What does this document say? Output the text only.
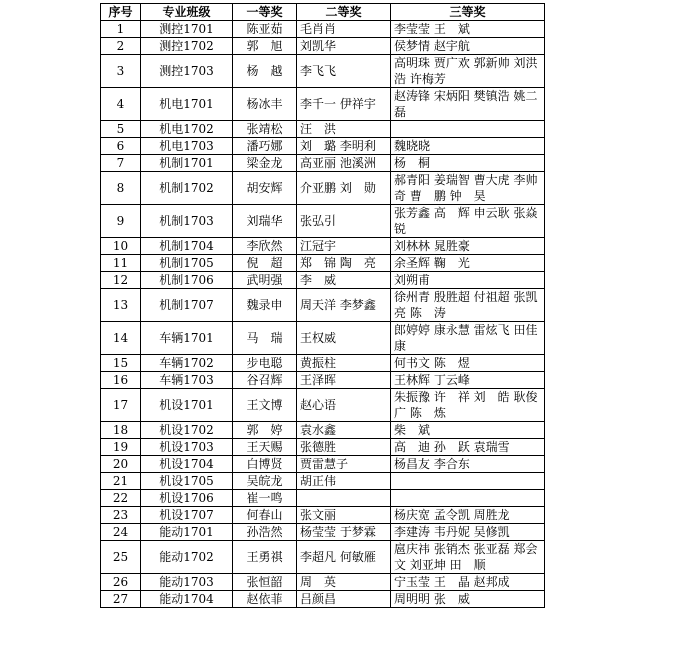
序号	专业班级	一等奖	二等奖	三等奖
1	测控1701	陈亚茹	毛肖肖	李莹莹 王　斌
2	测控1702	郭　旭	刘凯华	侯梦情 赵宇航
3	测控1703	杨　越	李飞飞	高明珠 贾广欢 郭新帅 刘洪浩 许梅芳
4	机电1701	杨冰丰	李千一 伊祥宇	赵涛锋 宋炳阳 樊镇浩 姚二磊
5	机电1702	张靖松	汪　洪	
6	机电1703	潘巧娜	刘　璐 李明利	魏晓晓
7	机制1701	梁金龙	高亚丽 池溪洲	杨　桐
8	机制1702	胡安辉	介亚鹏 刘　勋	郝青阳 姜瑞智 曹大虎 李帅奇 曹　鹏 钟　昊
9	机制1703	刘瑞华	张弘引	张芳鑫 高　辉 申云耿 张焱锐
10	机制1704	李欣然	江冠宇	刘林林 晁胜豪
11	机制1705	倪　超	郑　锦 陶　亮	余圣辉 鞠　光
12	机制1706	武明强	李　威	刘朔甫
13	机制1707	魏录申	周天洋 李梦鑫	徐州青 殷胜超 付祖超 张凯亮 陈　涛
14	车辆1701	马　瑞	王权威	郎婷婷 康永慧 雷炫飞 田佳康
15	车辆1702	步电聪	黄振柱	何书文 陈　煜
16	车辆1703	谷召辉	王泽晖	王林辉 丁云峰
17	机设1701	王文博	赵心语	朱振豫 许　祥 刘　皓 耿俊广 陈　炼
18	机设1702	郭　婷	袁水鑫	柴　斌
19	机设1703	王天赐	张德胜	高　迪 孙　跃 袁瑞雪
20	机设1704	白博贤	贾雷慧子	杨昌友 李合东
21	机设1705	吴皖龙	胡正伟	
22	机设1706	崔一鸣		
23	机设1707	何春山	张文丽	杨庆宽 孟令凯 周胜龙
24	能动1701	孙浩然	杨莹莹 于梦霖	李建涛 韦丹妮 吴修凯
25	能动1702	王勇祺	李超凡 何敏雁	扈庆祎 张销杰 张亚磊 郑会文 刘亚坤 田　顺
26	能动1703	张恒韶	周　英	宁玉莹 王　晶 赵邦成
27	能动1704	赵依菲	吕颜昌	周明明 张　威
